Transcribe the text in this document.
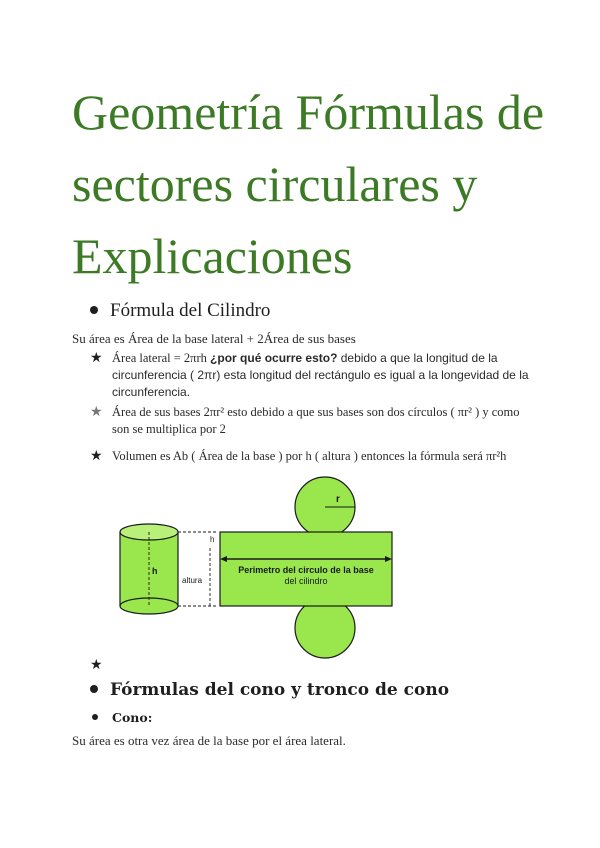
Geometría Fórmulas de sectores circulares y Explicaciones
Fórmula del Cilindro
Su área es Área de la base lateral + 2Área de sus bases
★ Área lateral = 2πrh ¿por qué ocurre esto? debido a que la longitud de la circunferencia ( 2πr) esta longitud del rectángulo es igual a la longevidad de la circunferencia.
★ Área de sus bases 2πr² esto debido a que sus bases son dos círculos ( πr² ) y como son se multiplica por 2
★ Volumen es Ab ( Área de la base ) por h ( altura ) entonces la fórmula será πr²h
r
Perimetro del circulo de la base
del cilindro
h
altura
h
★
Fórmulas del cono y tronco de cono
Cono:
Su área es otra vez área de la base por el área lateral.
